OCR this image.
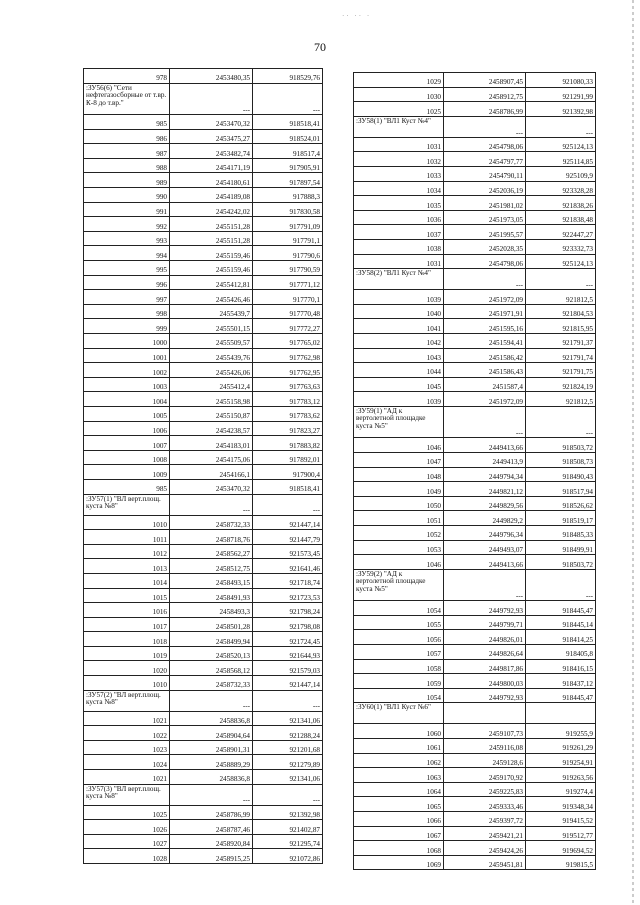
·· ·· ·
70
978	2453480,35	918529,76
:ЗУ56(6) "Сети нефтегазосборные от т.вр. К-8 до т.вр."	---	---
985	2453470,32	918518,41
986	2453475,27	918524,01
987	2453482,74	918517,4
988	2454171,19	917905,91
989	2454180,61	917897,54
990	2454189,08	917888,3
991	2454242,02	917830,58
992	2455151,28	917791,09
993	2455151,28	917791,1
994	2455159,46	917790,6
995	2455159,46	917790,59
996	2455412,81	917771,12
997	2455426,46	917770,1
998	2455439,7	917770,48
999	2455501,15	917772,27
1000	2455509,57	917765,02
1001	2455439,76	917762,98
1002	2455426,06	917762,95
1003	2455412,4	917763,63
1004	2455158,98	917783,12
1005	2455150,87	917783,62
1006	2454238,57	917823,27
1007	2454183,01	917883,82
1008	2454175,06	917892,01
1009	2454166,1	917900,4
985	2453470,32	918518,41
:ЗУ57(1) "ВЛ верт.площ. куста №8"	---	---
1010	2458732,33	921447,14
1011	2458718,76	921447,79
1012	2458562,27	921573,45
1013	2458512,75	921641,46
1014	2458493,15	921718,74
1015	2458491,93	921723,53
1016	2458493,3	921798,24
1017	2458501,28	921798,08
1018	2458499,94	921724,45
1019	2458520,13	921644,93
1020	2458568,12	921579,03
1010	2458732,33	921447,14
:ЗУ57(2) "ВЛ верт.площ. куста №8"	---	---
1021	2458836,8	921341,06
1022	2458904,64	921288,24
1023	2458901,31	921201,68
1024	2458889,29	921279,89
1021	2458836,8	921341,06
:ЗУ57(3) "ВЛ верт.площ. куста №8"	---	---
1025	2458786,99	921392,98
1026	2458787,46	921402,87
1027	2458920,84	921295,74
1028	2458915,25	921072,86
1029	2458907,45	921080,33
1030	2458912,75	921291,99
1025	2458786,99	921392,98
:ЗУ58(1) "ВЛ1 Куст №4"	---	---
1031	2454798,06	925124,13
1032	2454797,77	925114,85
1033	2454790,11	925109,9
1034	2452036,19	923328,28
1035	2451981,02	921838,26
1036	2451973,05	921838,48
1037	2451995,57	922447,27
1038	2452028,35	923332,73
1031	2454798,06	925124,13
:ЗУ58(2) "ВЛ1 Куст №4"	---	---
1039	2451972,09	921812,5
1040	2451971,91	921804,53
1041	2451595,16	921815,95
1042	2451594,41	921791,37
1043	2451586,42	921791,74
1044	2451586,43	921791,75
1045	2451587,4	921824,19
1039	2451972,09	921812,5
:ЗУ59(1) "АД к вертолетной площадке куста №5"	---	---
1046	2449413,66	918503,72
1047	2449413,9	918508,73
1048	2449794,34	918490,43
1049	2449821,12	918517,94
1050	2449829,56	918526,62
1051	2449829,2	918519,17
1052	2449796,34	918485,33
1053	2449493,07	918499,91
1046	2449413,66	918503,72
:ЗУ59(2) "АД к вертолетной площадке куста №5"	---	---
1054	2449792,93	918445,47
1055	2449799,71	918445,14
1056	2449826,01	918414,25
1057	2449826,64	918405,8
1058	2449817,86	918416,15
1059	2449800,03	918437,12
1054	2449792,93	918445,47
:ЗУ60(1) "ВЛ1 Куст №6"		
1060	2459107,73	919255,9
1061	2459116,08	919261,29
1062	2459128,6	919254,91
1063	2459170,92	919263,56
1064	2459225,83	919274,4
1065	2459333,46	919348,34
1066	2459397,72	919415,52
1067	2459421,21	919512,77
1068	2459424,26	919694,52
1069	2459451,81	919815,5
